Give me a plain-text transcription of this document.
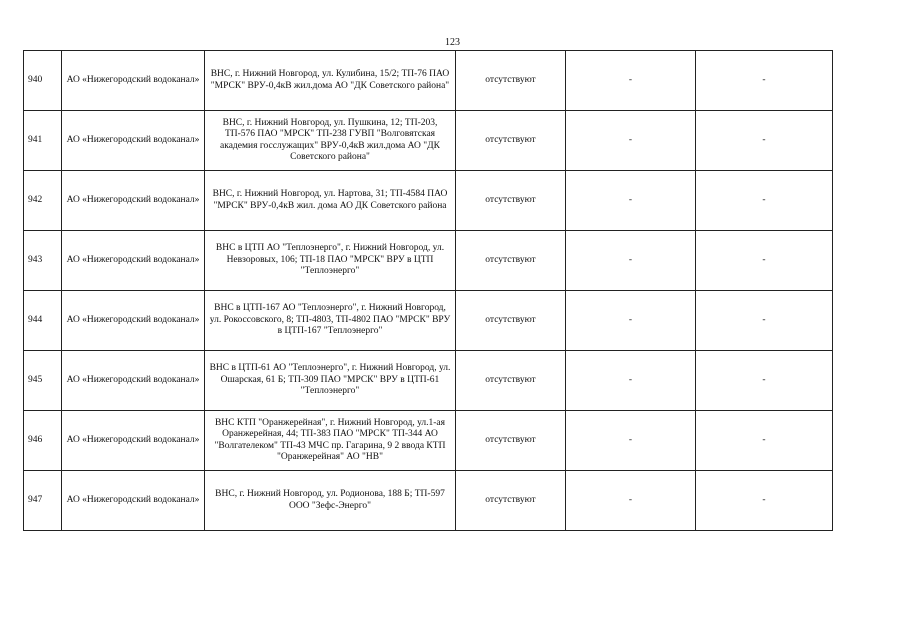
123
940	АО «Нижегородский водоканал»	ВНС, г. Нижний Новгород, ул. Кулибина, 15/2; ТП-76 ПАО "МРСК" ВРУ-0,4кВ жил.дома АО "ДК Советского района"	отсутствуют	-	-
941	АО «Нижегородский водоканал»	ВНС, г. Нижний Новгород, ул. Пушкина, 12; ТП-203, ТП-576 ПАО "МРСК" ТП-238 ГУВП "Волговятская академия госслужащих" ВРУ-0,4кВ жил.дома АО "ДК Советского района"	отсутствуют	-	-
942	АО «Нижегородский водоканал»	ВНС, г. Нижний Новгород, ул. Нартова, 31; ТП-4584 ПАО "МРСК" ВРУ-0,4кВ жил. дома АО ДК Советского района	отсутствуют	-	-
943	АО «Нижегородский водоканал»	ВНС в ЦТП АО "Теплоэнерго", г. Нижний Новгород, ул. Невзоровых, 106; ТП-18 ПАО "МРСК" ВРУ в ЦТП "Теплоэнерго"	отсутствуют	-	-
944	АО «Нижегородский водоканал»	ВНС в ЦТП-167 АО "Теплоэнерго", г. Нижний Новгород, ул. Рокоссовского, 8; ТП-4803, ТП-4802 ПАО "МРСК" ВРУ в ЦТП-167 "Теплоэнерго"	отсутствуют	-	-
945	АО «Нижегородский водоканал»	ВНС в ЦТП-61 АО "Теплоэнерго", г. Нижний Новгород, ул. Ошарская, 61 Б; ТП-309 ПАО "МРСК" ВРУ в ЦТП-61 "Теплоэнерго"	отсутствуют	-	-
946	АО «Нижегородский водоканал»	ВНС КТП "Оранжерейная", г. Нижний Новгород, ул.1-ая Оранжерейная, 44; ТП-383 ПАО "МРСК" ТП-344 АО "Волгателеком" ТП-43 МЧС пр. Гагарина, 9 2 ввода КТП "Оранжерейная" АО "НВ"	отсутствуют	-	-
947	АО «Нижегородский водоканал»	ВНС, г. Нижний Новгород, ул. Родионова, 188 Б; ТП-597 ООО "Зефс-Энерго"	отсутствуют	-	-
